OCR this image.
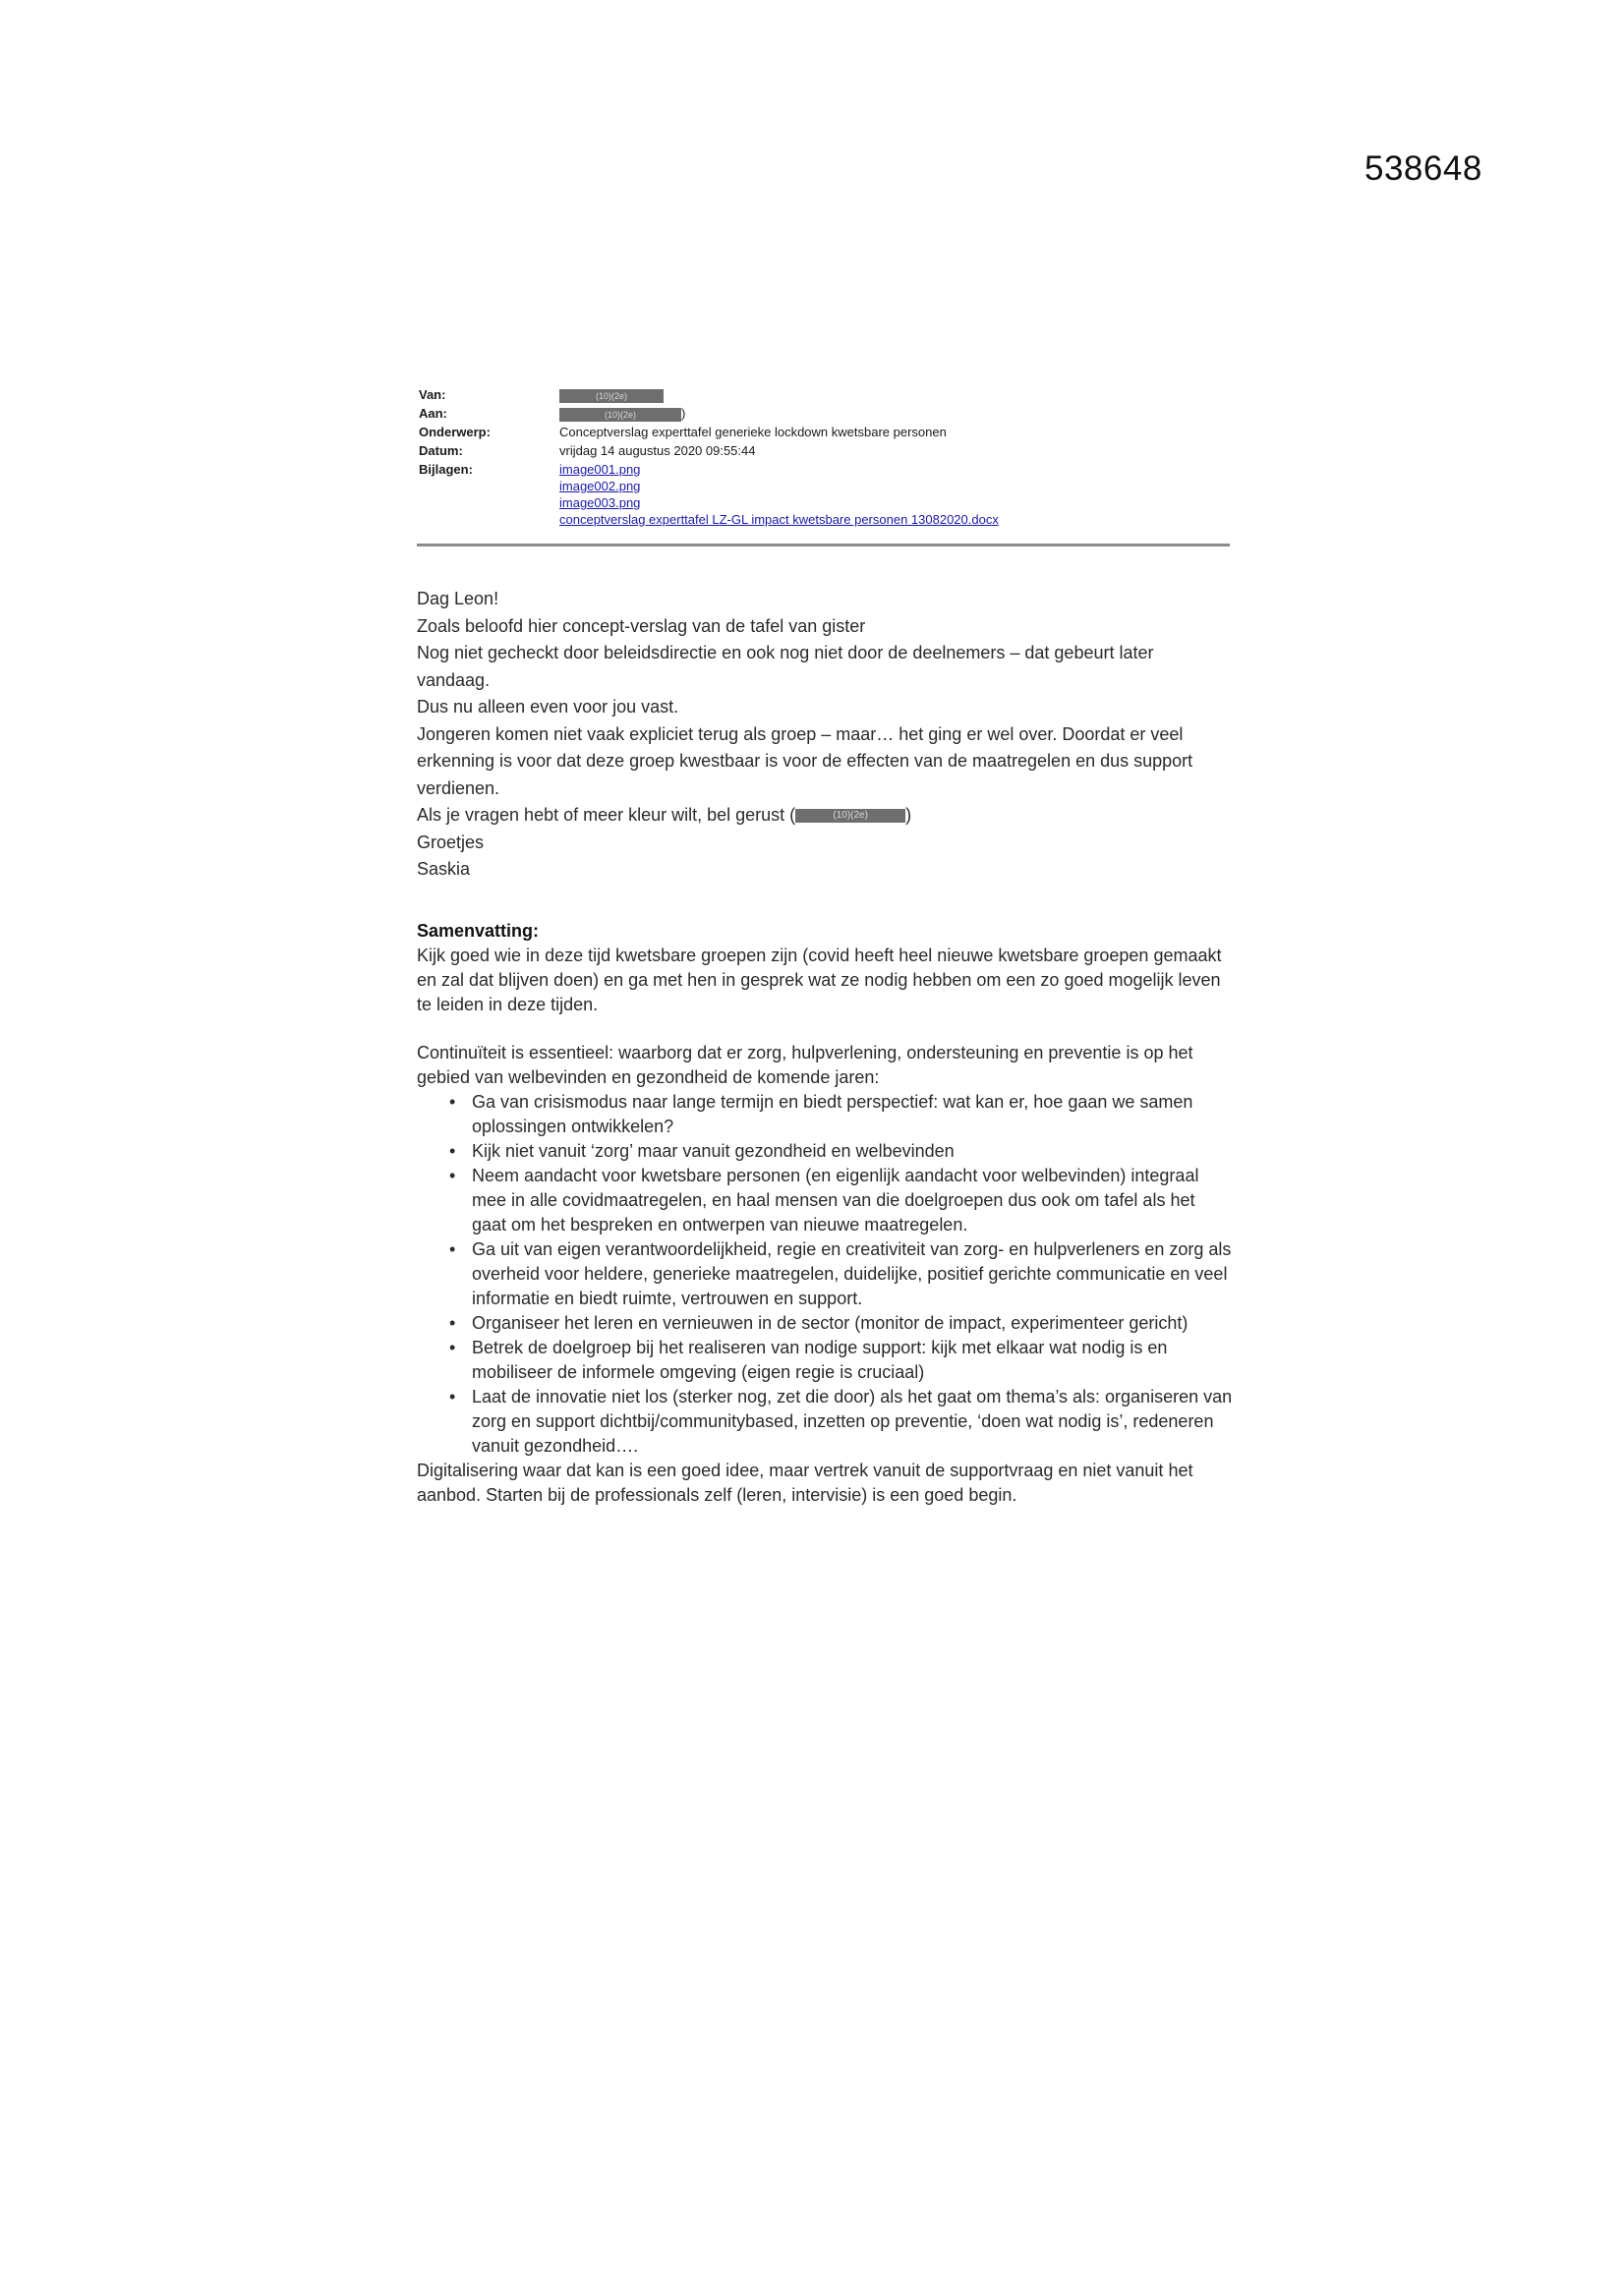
538648
Van:	(10)(2e)
Aan:	(10)(2e)	)
Onderwerp:	Conceptverslag experttafel generieke lockdown kwetsbare personen
Datum:	vrijdag 14 augustus 2020 09:55:44
Bijlagen:	image001.png
image002.png
image003.png
conceptverslag experttafel LZ-GL impact kwetsbare personen 13082020.docx

Dag Leon!

Zoals beloofd hier concept-verslag van de tafel van gister

Nog niet gecheckt door beleidsdirectie en ook nog niet door de deelnemers – dat gebeurt later vandaag.

Dus nu alleen even voor jou vast.

Jongeren komen niet vaak expliciet terug als groep – maar… het ging er wel over. Doordat er veel erkenning is voor dat deze groep kwestbaar is voor de effecten van de maatregelen en dus support verdienen.

Als je vragen hebt of meer kleur wilt, bel gerust (	(10)(2e) )

Groetjes

Saskia

Samenvatting:

Kijk goed wie in deze tijd kwetsbare groepen zijn (covid heeft heel nieuwe kwetsbare groepen gemaakt en zal dat blijven doen) en ga met hen in gesprek wat ze nodig hebben om een zo goed mogelijk leven te leiden in deze tijden.

Continuïteit is essentieel: waarborg dat er zorg, hulpverlening, ondersteuning en preventie is op het gebied van welbevinden en gezondheid de komende jaren:

• Ga van crisismodus naar lange termijn en biedt perspectief: wat kan er, hoe gaan we samen oplossingen ontwikkelen?
• Kijk niet vanuit ‘zorg’ maar vanuit gezondheid en welbevinden
• Neem aandacht voor kwetsbare personen (en eigenlijk aandacht voor welbevinden) integraal mee in alle covidmaatregelen, en haal mensen van die doelgroepen dus ook om tafel als het gaat om het bespreken en ontwerpen van nieuwe maatregelen.
• Ga uit van eigen verantwoordelijkheid, regie en creativiteit van zorg- en hulpverleners en zorg als overheid voor heldere, generieke maatregelen, duidelijke, positief gerichte communicatie en veel informatie en biedt ruimte, vertrouwen en support.
• Organiseer het leren en vernieuwen in de sector (monitor de impact, experimenteer gericht)
• Betrek de doelgroep bij het realiseren van nodige support: kijk met elkaar wat nodig is en mobiliseer de informele omgeving (eigen regie is cruciaal)
• Laat de innovatie niet los (sterker nog, zet die door) als het gaat om thema’s als: organiseren van zorg en support dichtbij/communitybased, inzetten op preventie, ‘doen wat nodig is’, redeneren vanuit gezondheid….

Digitalisering waar dat kan is een goed idee, maar vertrek vanuit de supportvraag en niet vanuit het aanbod. Starten bij de professionals zelf (leren, intervisie) is een goed begin.
